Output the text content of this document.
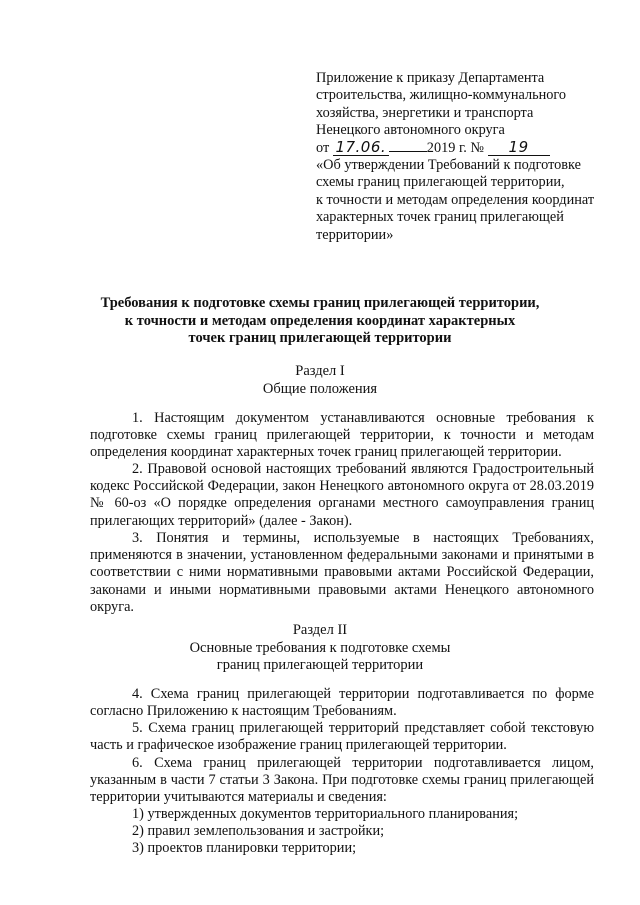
Приложение к приказу Департамента
строительства, жилищно-коммунального
хозяйства, энергетики и транспорта
Ненецкого автономного округа
от 17.06.	2019 г. № 19
«Об утверждении Требований к подготовке
схемы границ прилегающей территории,
к точности и методам определения координат
характерных точек границ прилегающей
территории»
Требования к подготовке схемы границ прилегающей территории,
к точности и методам определения координат характерных
точек границ прилегающей территории
Раздел I
Общие положения

1. Настоящим документом устанавливаются основные требования к подготовке схемы границ прилегающей территории, к точности и методам определения координат характерных точек границ прилегающей территории.

2. Правовой основой настоящих требований являются Градостроительный кодекс Российской Федерации, закон Ненецкого автономного округа от 28.03.2019 № 60-оз «О порядке определения органами местного самоуправления границ прилегающих территорий» (далее - Закон).

3. Понятия и термины, используемые в настоящих Требованиях, применяются в значении, установленном федеральными законами и принятыми в соответствии с ними нормативными правовыми актами Российской Федерации, законами и иными нормативными правовыми актами Ненецкого автономного округа.

Раздел II
Основные требования к подготовке схемы
границ прилегающей территории

4. Схема границ прилегающей территории подготавливается по форме согласно Приложению к настоящим Требованиям.

5. Схема границ прилегающей территорий представляет собой текстовую часть и графическое изображение границ прилегающей территории.

6. Схема границ прилегающей территории подготавливается лицом, указанным в части 7 статьи 3 Закона. При подготовке схемы границ прилегающей территории учитываются материалы и сведения:

1) утвержденных документов территориального планирования;

2) правил землепользования и застройки;

3) проектов планировки территории;
